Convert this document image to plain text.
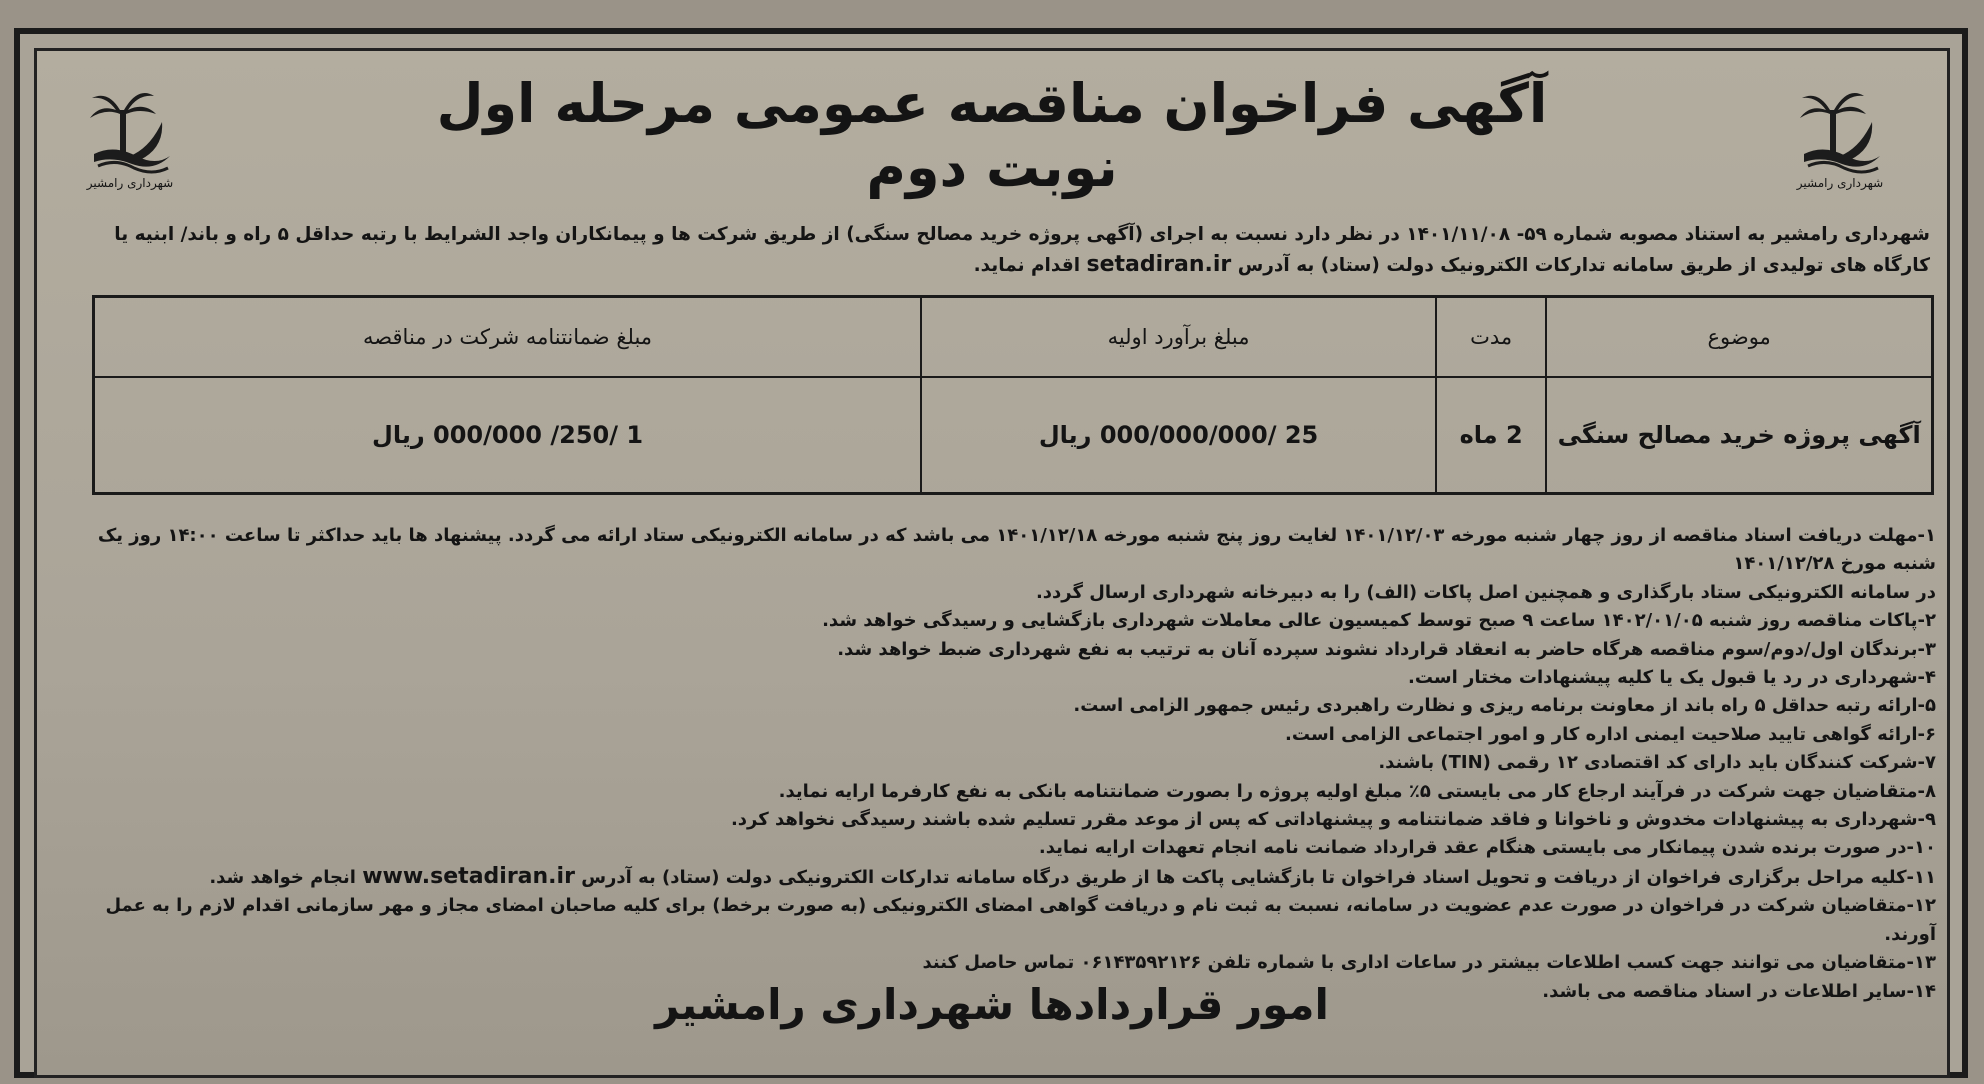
شهرداری رامشیر	شهرداری رامشیر
آگهی فراخوان مناقصه عمومی مرحله اول
نوبت دوم
شهرداری رامشیر به استناد مصوبه شماره ۵۹- ۱۴۰۱/۱۱/۰۸ در نظر دارد نسبت به اجرای (آگهی پروژه خرید مصالح سنگی) از طریق شرکت ها و پیمانکاران واجد الشرایط با رتبه حداقل ۵ راه و باند/ ابنیه یا کارگاه های تولیدی از طریق سامانه تدارکات الکترونیک دولت (ستاد) به آدرس setadiran.ir اقدام نماید.
موضوع	مدت	مبلغ برآورد اولیه	مبلغ ضمانتنامه شرکت در مناقصه
آگهی پروژه خرید مصالح سنگی	2 ماه	25 /000/000/000 ریال	1 /250/ 000/000 ریال
۱-مهلت دریافت اسناد مناقصه از روز چهار شنبه مورخه ۱۴۰۱/۱۲/۰۳ لغایت روز پنج شنبه مورخه ۱۴۰۱/۱۲/۱۸ می باشد که در سامانه الکترونیکی ستاد ارائه می گردد. پیشنهاد ها باید حداکثر تا ساعت ۱۴:۰۰ روز یک شنبه مورخ ۱۴۰۱/۱۲/۲۸
در سامانه الکترونیکی ستاد بارگذاری و همچنین اصل پاکات (الف) را به دبیرخانه شهرداری ارسال گردد.
۲-پاکات مناقصه روز شنبه ۱۴۰۲/۰۱/۰۵ ساعت ۹ صبح توسط کمیسیون عالی معاملات شهرداری بازگشایی و رسیدگی خواهد شد.
۳-برندگان اول/دوم/سوم مناقصه هرگاه حاضر به انعقاد قرارداد نشوند سپرده آنان به ترتیب به نفع شهرداری ضبط خواهد شد.
۴-شهرداری در رد یا قبول یک یا کلیه پیشنهادات مختار است.
۵-ارائه رتبه حداقل ۵ راه باند از معاونت برنامه ریزی و نظارت راهبردی رئیس جمهور الزامی است.
۶-ارائه گواهی تایید صلاحیت ایمنی اداره کار و امور اجتماعی الزامی است.
۷-شرکت کنندگان باید دارای کد اقتصادی ۱۲ رقمی (TIN) باشند.
۸-متقاضیان جهت شرکت در فرآیند ارجاع کار می بایستی ۵٪ مبلغ اولیه پروژه را بصورت ضمانتنامه بانکی به نفع کارفرما ارایه نماید.
۹-شهرداری به پیشنهادات مخدوش و ناخوانا و فاقد ضمانتنامه و پیشنهاداتی که پس از موعد مقرر تسلیم شده باشند رسیدگی نخواهد کرد.
۱۰-در صورت برنده شدن پیمانکار می بایستی هنگام عقد قرارداد ضمانت نامه انجام تعهدات ارایه نماید.
۱۱-کلیه مراحل برگزاری فراخوان از دریافت و تحویل اسناد فراخوان تا بازگشایی پاکت ها از طریق درگاه سامانه تدارکات الکترونیکی دولت (ستاد) به آدرس www.setadiran.ir انجام خواهد شد.
۱۲-متقاضیان شرکت در فراخوان در صورت عدم عضویت در سامانه، نسبت به ثبت نام و دریافت گواهی امضای الکترونیکی (به صورت برخط) برای کلیه صاحبان امضای مجاز و مهر سازمانی اقدام لازم را به عمل آورند.
۱۳-متقاضیان می توانند جهت کسب اطلاعات بیشتر در ساعات اداری با شماره تلفن ۰۶۱۴۳۵۹۲۱۲۶ تماس حاصل کنند
۱۴-سایر اطلاعات در اسناد مناقصه می باشد.
امور قراردادها شهرداری رامشیر
